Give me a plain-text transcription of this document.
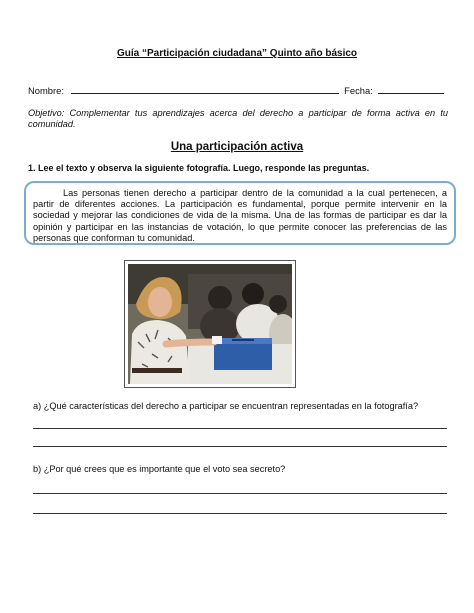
Guía “Participación ciudadana” Quinto año básico
Nombre:	Fecha:
Objetivo: Complementar tus aprendizajes acerca del derecho a participar de forma activa en tu comunidad.
Una participación activa
1. Lee el texto y observa la siguiente fotografía. Luego, responde las preguntas.
Las personas tienen derecho a participar dentro de la comunidad a la cual pertenecen, a partir de diferentes acciones. La participación es fundamental, porque permite intervenir en la sociedad y mejorar las condiciones de vida de la misma. Una de las formas de participar es dar la opinión y participar en las instancias de votación, lo que permite conocer las preferencias de las personas que conforman tu comunidad.
a) ¿Qué características del derecho a participar se encuentran representadas en la fotografía?
b) ¿Por qué crees que es importante que el voto sea secreto?
